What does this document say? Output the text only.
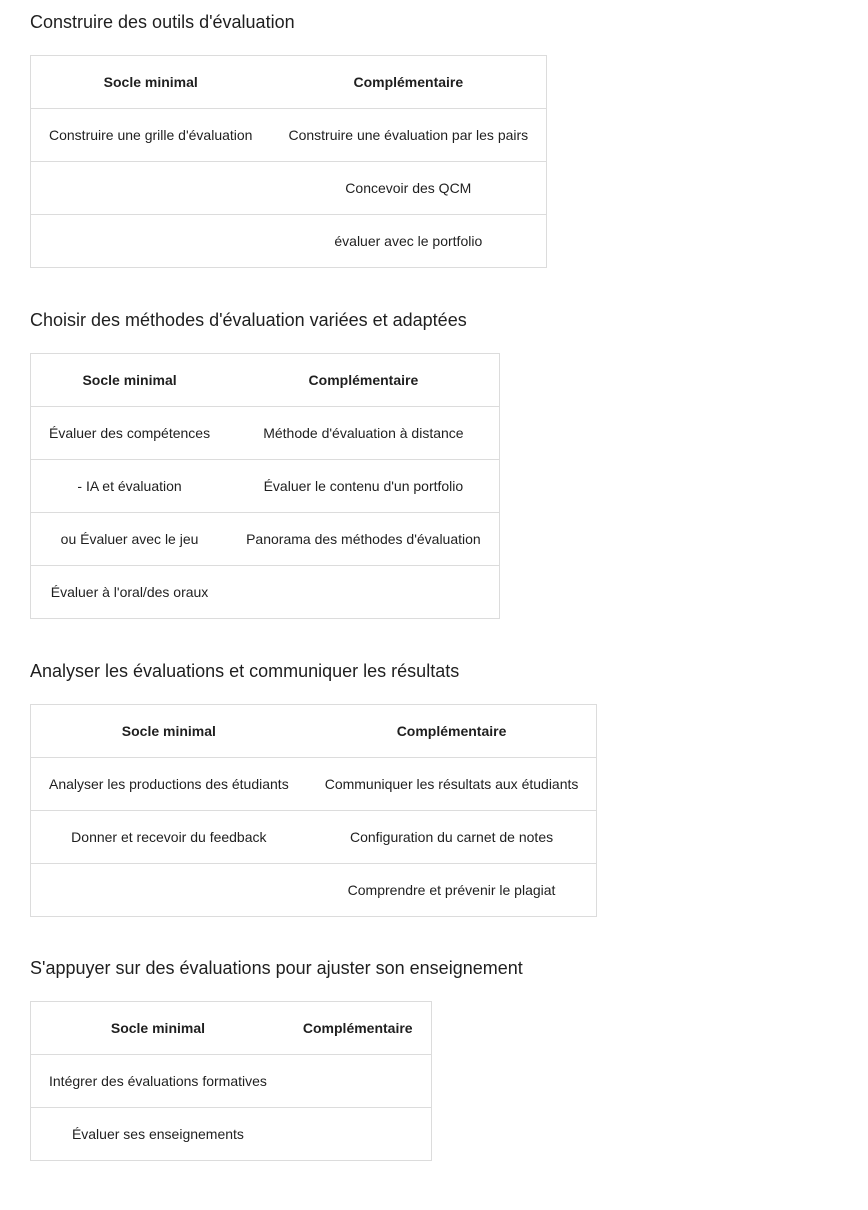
Construire des outils d'évaluation
Socle minimal	Complémentaire
Construire une grille d'évaluation	Construire une évaluation par les pairs
	Concevoir des QCM
	évaluer avec le portfolio
Choisir des méthodes d'évaluation variées et adaptées
Socle minimal	Complémentaire
Évaluer des compétences	Méthode d'évaluation à distance
- IA et évaluation	Évaluer le contenu d'un portfolio
ou Évaluer avec le jeu	Panorama des méthodes d'évaluation
Évaluer à l'oral/des oraux	
Analyser les évaluations et communiquer les résultats
Socle minimal	Complémentaire
Analyser les productions des étudiants	Communiquer les résultats aux étudiants
Donner et recevoir du feedback	Configuration du carnet de notes
	Comprendre et prévenir le plagiat
S'appuyer sur des évaluations pour ajuster son enseignement
Socle minimal	Complémentaire
Intégrer des évaluations formatives	
Évaluer ses enseignements	
